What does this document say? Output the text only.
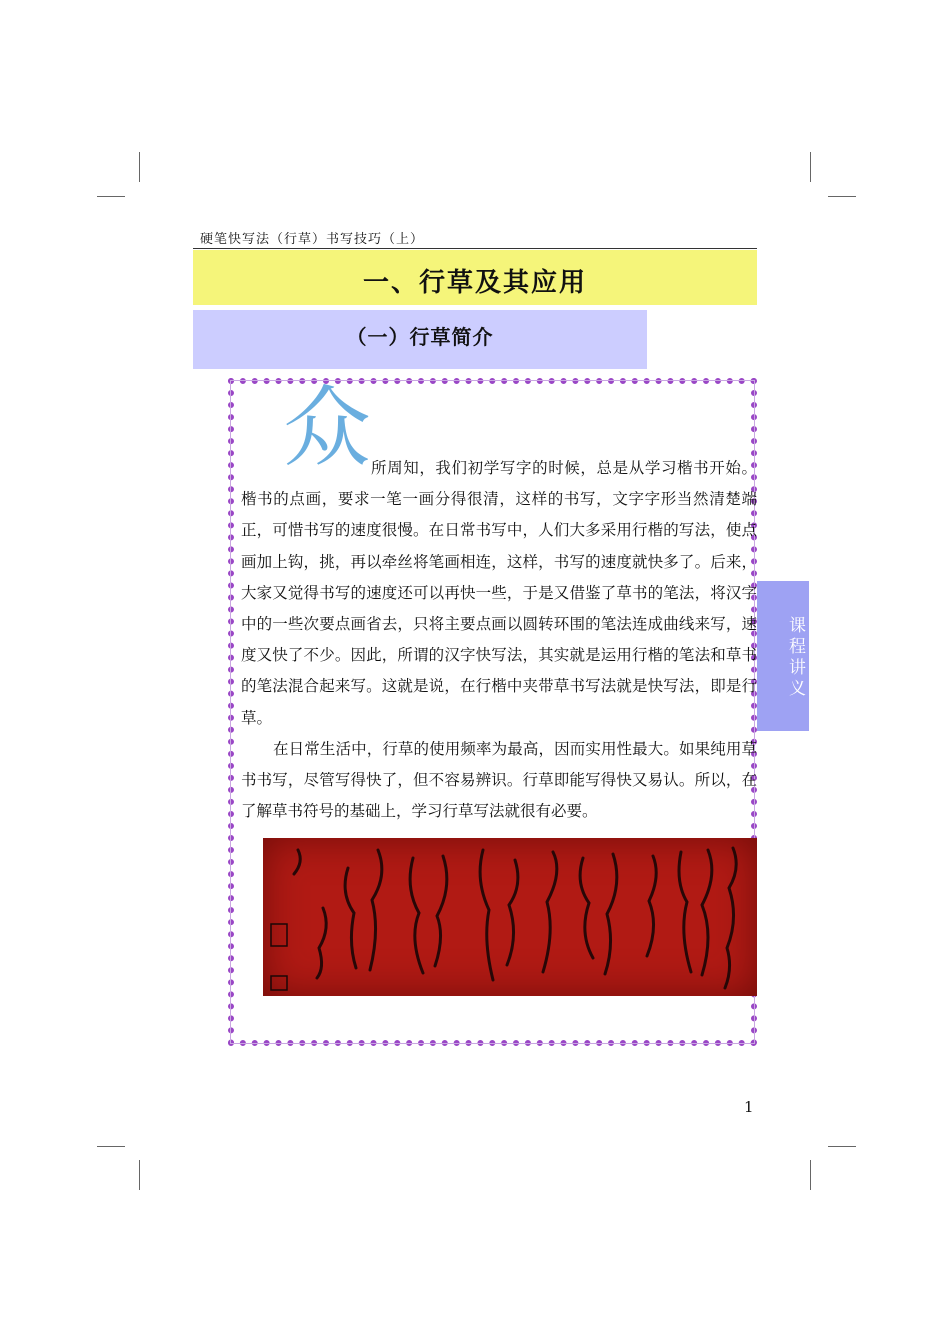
硬笔快写法（行草）书写技巧（上）
一、行草及其应用
（一）行草简介
众 所周知，我们初学写字的时候，总是从学习楷书开始。楷书的点画，要求一笔一画分得很清，这样的书写，文字字形当然清楚端正，可惜书写的速度很慢。在日常书写中，人们大多采用行楷的写法，使点画加上钩，挑，再以牵丝将笔画相连，这样，书写的速度就快多了。后来，大家又觉得书写的速度还可以再快一些，于是又借鉴了草书的笔法，将汉字中的一些次要点画省去，只将主要点画以圆转环围的笔法连成曲线来写，速度又快了不少。因此，所谓的汉字快写法，其实就是运用行楷的笔法和草书的笔法混合起来写。这就是说，在行楷中夹带草书写法就是快写法，即是行草。

在日常生活中，行草的使用频率为最高，因而实用性最大。如果纯用草书书写，尽管写得快了，但不容易辨识。行草即能写得快又易认。所以，在了解草书符号的基础上，学习行草写法就很有必要。

课程讲义
1
